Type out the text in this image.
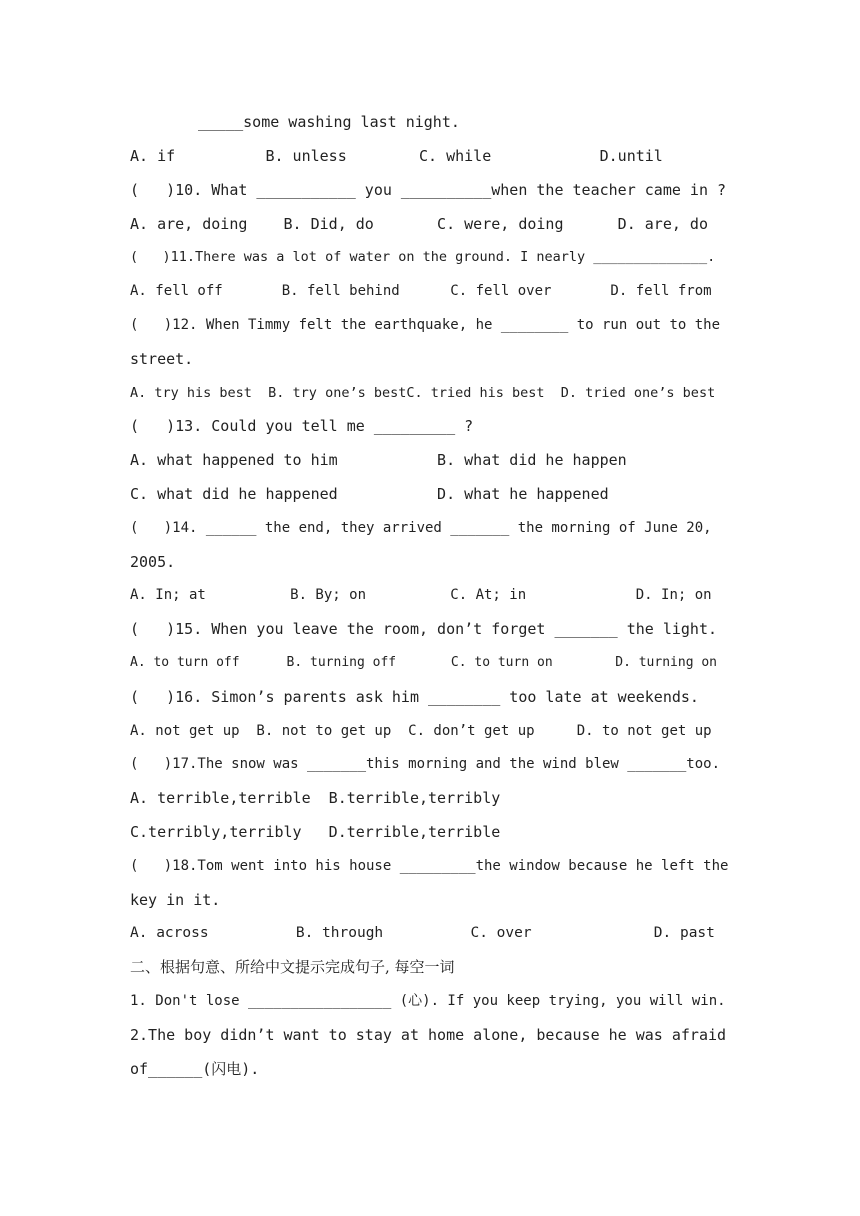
_____some washing last night.
A. if          B. unless        C. while            D.until
(   )10. What ___________ you __________when the teacher came in ?
A. are, doing    B. Did, do       C. were, doing      D. are, do
(   )11.There was a lot of water on the ground. I nearly ______________.
A. fell off       B. fell behind      C. fell over       D. fell from
(   )12. When Timmy felt the earthquake, he ________ to run out to the
street.
A. try his best  B. try one’s bestC. tried his best  D. tried one’s best
(   )13. Could you tell me _________ ?
A. what happened to him           B. what did he happen
C. what did he happened           D. what he happened
(   )14. ______ the end, they arrived _______ the morning of June 20,
2005.
A. In; at          B. By; on          C. At; in             D. In; on
(   )15. When you leave the room, don’t forget _______ the light.
A. to turn off      B. turning off       C. to turn on        D. turning on
(   )16. Simon’s parents ask him ________ too late at weekends.
A. not get up  B. not to get up  C. don’t get up     D. to not get up
(   )17.The snow was _______this morning and the wind blew _______too.
A. terrible,terrible  B.terrible,terribly
C.terribly,terribly   D.terrible,terrible
(   )18.Tom went into his house _________the window because he left the
key in it.
A. across          B. through          C. over              D. past
二、根据句意、所给中文提示完成句子, 每空一词
1. Don't lose _________________ (心). If you keep trying, you will win.
2.The boy didn’t want to stay at home alone, because he was afraid
of______(闪电).
